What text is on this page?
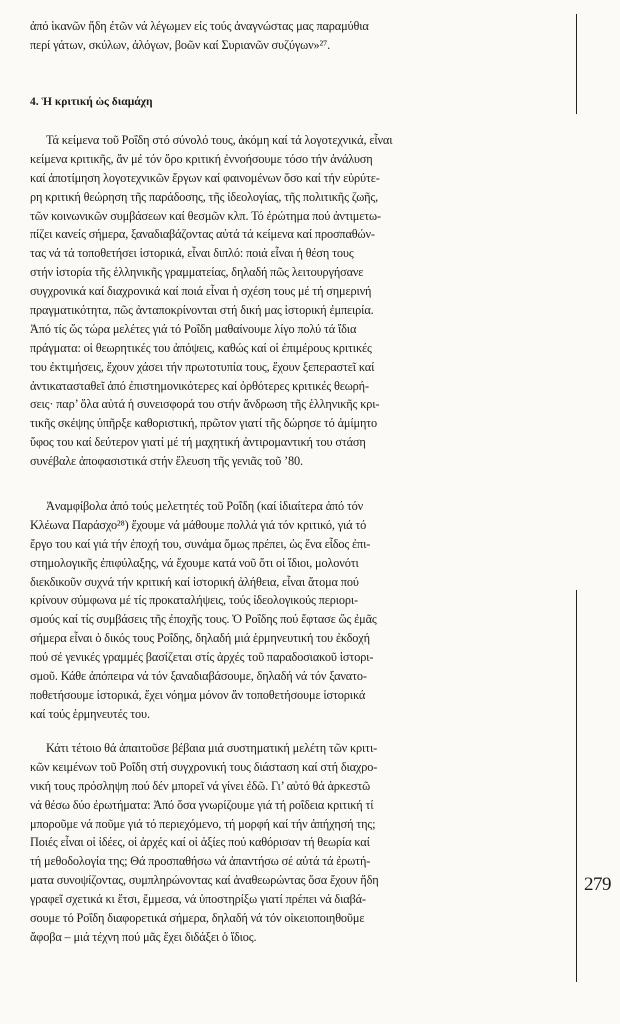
279
ἀπό ἱκανῶν ἤδη ἐτῶν νά λέγωμεν εἰς τούς ἀναγνώστας μας παραμύθια
περί γάτων, σκύλων, ἀλόγων, βοῶν καί Συριανῶν συζύγων»²⁷.
4. Ἡ κριτική ὡς διαμάχη
Τά κείμενα τοῦ Ροΐδη στό σύνολό τους, ἀκόμη καί τά λογοτεχνικά, εἶναι
κείμενα κριτικῆς, ἄν μέ τόν ὅρο κριτική ἐννοήσουμε τόσο τήν ἀνάλυση
καί ἀποτίμηση λογοτεχνικῶν ἔργων καί φαινομένων ὅσο καί τήν εὐρύτε-
ρη κριτική θεώρηση τῆς παράδοσης, τῆς ἰδεολογίας, τῆς πολιτικῆς ζωῆς,
τῶν κοινωνικῶν συμβάσεων καί θεσμῶν κλπ. Τό ἐρώτημα πού ἀντιμετω-
πίζει κανείς σήμερα, ξαναδιαβάζοντας αὐτά τά κείμενα καί προσπαθών-
τας νά τά τοποθετήσει ἱστορικά, εἶναι διπλό: ποιά εἶναι ἡ θέση τους
στήν ἱστορία τῆς ἑλληνικῆς γραμματείας, δηλαδή πῶς λειτουργήσανε
συγχρονικά καί διαχρονικά καί ποιά εἶναι ἡ σχέση τους μέ τή σημερινή
πραγματικότητα, πῶς ἀνταποκρίνονται στή δική μας ἱστορική ἐμπειρία.
Ἀπό τίς ὥς τώρα μελέτες γιά τό Ροΐδη μαθαίνουμε λίγο πολύ τά ἴδια
πράγματα: οἱ θεωρητικές του ἀπόψεις, καθώς καί οἱ ἐπιμέρους κριτικές
του ἐκτιμήσεις, ἔχουν χάσει τήν πρωτοτυπία τους, ἔχουν ξεπεραστεῖ καί
ἀντικατασταθεῖ ἀπό ἐπιστημονικότερες καί ὀρθότερες κριτικές θεωρή-
σεις· παρ’ ὅλα αὐτά ἡ συνεισφορά του στήν ἄνδρωση τῆς ἑλληνικῆς κρι-
τικῆς σκέψης ὑπῆρξε καθοριστική, πρῶτον γιατί τῆς δώρησε τό ἀμίμητο
ὕφος του καί δεύτερον γιατί μέ τή μαχητική ἀντιρομαντική του στάση
συνέβαλε ἀποφασιστικά στήν ἔλευση τῆς γενιᾶς τοῦ ’80.
Ἀναμφίβολα ἀπό τούς μελετητές τοῦ Ροΐδη (καί ἰδιαίτερα ἀπό τόν
Κλέωνα Παράσχο²⁸) ἔχουμε νά μάθουμε πολλά γιά τόν κριτικό, γιά τό
ἔργο του καί γιά τήν ἐποχή του, συνάμα ὅμως πρέπει, ὡς ἕνα εἶδος ἐπι-
στημολογικῆς ἐπιφύλαξης, νά ἔχουμε κατά νοῦ ὅτι οἱ ἴδιοι, μολονότι
διεκδικοῦν συχνά τήν κριτική καί ἱστορική ἀλήθεια, εἶναι ἄτομα πού
κρίνουν σύμφωνα μέ τίς προκαταλήψεις, τούς ἰδεολογικούς περιορι-
σμούς καί τίς συμβάσεις τῆς ἐποχῆς τους. Ὁ Ροΐδης πού ἔφτασε ὥς ἐμᾶς
σήμερα εἶναι ὁ δικός τους Ροΐδης, δηλαδή μιά ἑρμηνευτική του ἐκδοχή
πού σέ γενικές γραμμές βασίζεται στίς ἀρχές τοῦ παραδοσιακοῦ ἱστορι-
σμοῦ. Κάθε ἀπόπειρα νά τόν ξαναδιαβάσουμε, δηλαδή νά τόν ξανατο-
ποθετήσουμε ἱστορικά, ἔχει νόημα μόνον ἄν τοποθετήσουμε ἱστορικά
καί τούς ἑρμηνευτές του.
Κάτι τέτοιο θά ἀπαιτοῦσε βέβαια μιά συστηματική μελέτη τῶν κριτι-
κῶν κειμένων τοῦ Ροΐδη στή συγχρονική τους διάσταση καί στή διαχρο-
νική τους πρόσληψη πού δέν μπορεῖ νά γίνει ἐδῶ. Γι’ αὐτό θά ἀρκεστῶ
νά θέσω δύο ἐρωτήματα: Ἀπό ὅσα γνωρίζουμε γιά τή ροΐδεια κριτική τί
μποροῦμε νά ποῦμε γιά τό περιεχόμενο, τή μορφή καί τήν ἀπήχησή της;
Ποιές εἶναι οἱ ἰδέες, οἱ ἀρχές καί οἱ ἀξίες πού καθόρισαν τή θεωρία καί
τή μεθοδολογία της; Θά προσπαθήσω νά ἀπαντήσω σέ αὐτά τά ἐρωτή-
ματα συνοψίζοντας, συμπληρώνοντας καί ἀναθεωρώντας ὅσα ἔχουν ἤδη
γραφεῖ σχετικά κι ἔτσι, ἔμμεσα, νά ὑποστηρίξω γιατί πρέπει νά διαβά-
σουμε τό Ροΐδη διαφορετικά σήμερα, δηλαδή νά τόν οἰκειοποιηθοῦμε
ἄφοβα – μιά τέχνη πού μᾶς ἔχει διδάξει ὁ ἴδιος.
